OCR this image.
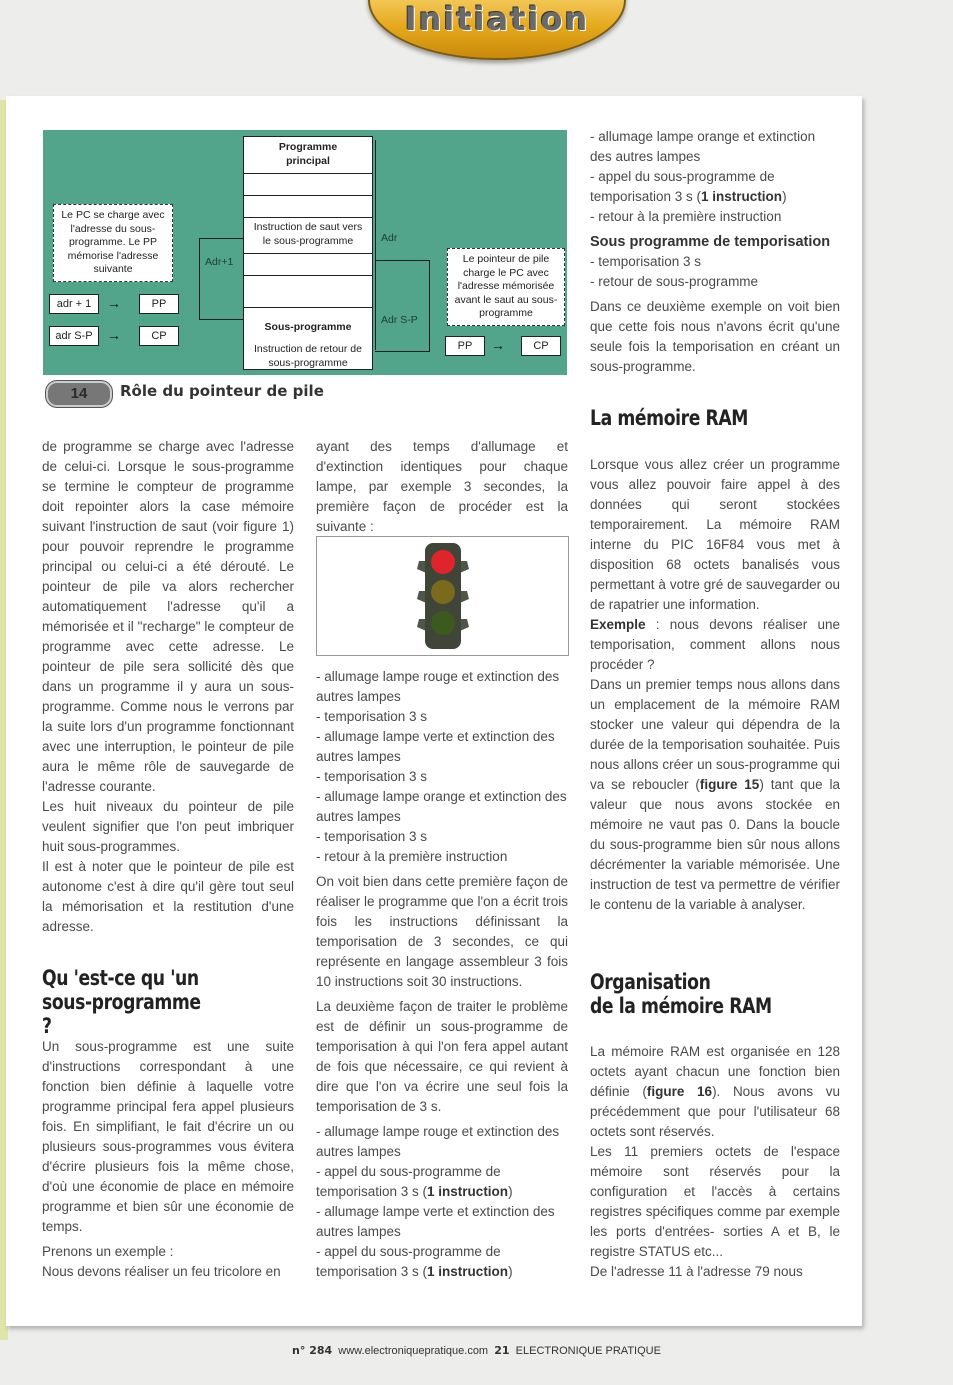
Initiation
Programme principal
Instruction de saut vers le sous-programme
Sous-programme
Instruction de retour de sous-programme
Le PC se charge avec l'adresse du sous-programme. Le PP mémorise l'adresse suivante
Le pointeur de pile charge le PC avec l'adresse mémorisée avant le saut au sous-programme
Adr+1
Adr
Adr S-P
adr + 1	→	PP
adr S-P	→	CP
PP	→	CP
14	Rôle du pointeur de pile

de programme se charge avec l'adresse de celui-ci. Lorsque le sous-programme se termine le compteur de programme doit repointer alors la case mémoire suivant l'instruction de saut (voir figure 1) pour pouvoir reprendre le programme principal ou celui-ci a été dérouté. Le pointeur de pile va alors rechercher automatiquement l'adresse qu'il a mémorisée et il "recharge" le compteur de programme avec cette adresse. Le pointeur de pile sera sollicité dès que dans un programme il y aura un sous-programme. Comme nous le verrons par la suite lors d'un programme fonctionnant avec une interruption, le pointeur de pile aura le même rôle de sauvegarde de l'adresse courante.

Les huit niveaux du pointeur de pile veulent signifier que l'on peut imbriquer huit sous-programmes.

Il est à noter que le pointeur de pile est autonome c'est à dire qu'il gère tout seul la mémorisation et la restitution d'une adresse.

Qu 'est-ce qu 'un sous-programme ?

Un sous-programme est une suite d'instructions correspondant à une fonction bien définie à laquelle votre programme principal fera appel plusieurs fois. En simplifiant, le fait d'écrire un ou plusieurs sous-programmes vous évitera d'écrire plusieurs fois la même chose, d'où une économie de place en mémoire programme et bien sûr une économie de temps.

Prenons un exemple :

Nous devons réaliser un feu tricolore en

ayant des temps d'allumage et d'extinction identiques pour chaque lampe, par exemple 3 secondes, la première façon de procéder est la suivante :

- allumage lampe rouge et extinction des autres lampes

- temporisation 3 s

- allumage lampe verte et extinction des autres lampes

- temporisation 3 s

- allumage lampe orange et extinction des autres lampes

- temporisation 3 s

- retour à la première instruction

On voit bien dans cette première façon de réaliser le programme que l'on a écrit trois fois les instructions définissant la temporisation de 3 secondes, ce qui représente en langage assembleur 3 fois 10 instructions soit 30 instructions.

La deuxième façon de traiter le problème est de définir un sous-programme de temporisation à qui l'on fera appel autant de fois que nécessaire, ce qui revient à dire que l'on va écrire une seul fois la temporisation de 3 s.

- allumage lampe rouge et extinction des autres lampes

- appel du sous-programme de temporisation 3 s (1 instruction)

- allumage lampe verte et extinction des autres lampes

- appel du sous-programme de temporisation 3 s (1 instruction)

- allumage lampe orange et extinction des autres lampes

- appel du sous-programme de temporisation 3 s (1 instruction)

- retour à la première instruction

Sous programme de temporisation

- temporisation 3 s

- retour de sous-programme

Dans ce deuxième exemple on voit bien que cette fois nous n'avons écrit qu'une seule fois la temporisation en créant un sous-programme.

La mémoire RAM

Lorsque vous allez créer un programme vous allez pouvoir faire appel à des données qui seront stockées temporairement. La mémoire RAM interne du PIC 16F84 vous met à disposition 68 octets banalisés vous permettant à votre gré de sauvegarder ou de rapatrier une information.

Exemple : nous devons réaliser une temporisation, comment allons nous procéder ?

Dans un premier temps nous allons dans un emplacement de la mémoire RAM stocker une valeur qui dépendra de la durée de la temporisation souhaitée. Puis nous allons créer un sous-programme qui va se reboucler (figure 15) tant que la valeur que nous avons stockée en mémoire ne vaut pas 0. Dans la boucle du sous-programme bien sûr nous allons décrémenter la variable mémorisée. Une instruction de test va permettre de vérifier le contenu de la variable à analyser.

Organisation
de la mémoire RAM

La mémoire RAM est organisée en 128 octets ayant chacun une fonction bien définie (figure 16). Nous avons vu précédemment que pour l'utilisateur 68 octets sont réservés.

Les 11 premiers octets de l'espace mémoire sont réservés pour la configuration et l'accès à certains registres spécifiques comme par exemple les ports d'entrées- sorties A et B, le registre STATUS etc...

De l'adresse 11 à l'adresse 79 nous

n° 284 www.electroniquepratique.com 21 ELECTRONIQUE PRATIQUE
